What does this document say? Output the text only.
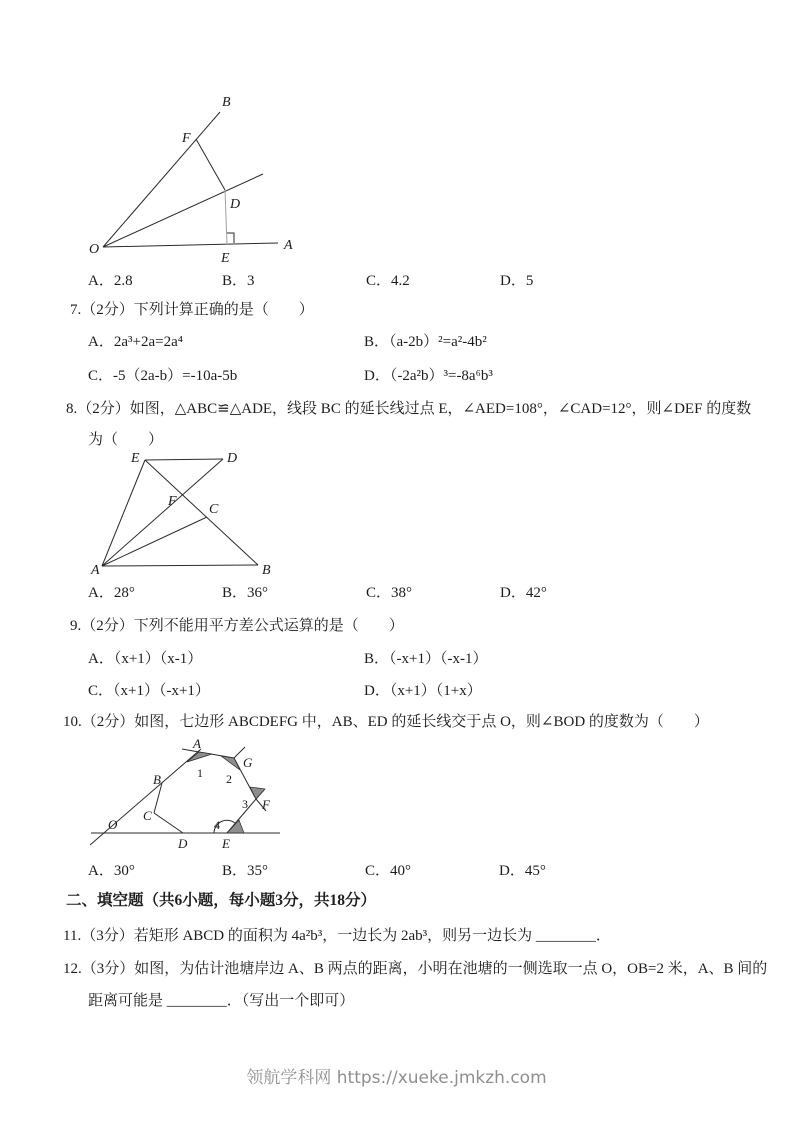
B
F
D
O
E
A
A．2.8	B．3	C．4.2	D．5
7.（2分）下列计算正确的是（　　）
A．2a³+2a=2a⁴	B．（a-2b）²=a²-4b²
C．-5（2a-b）=-10a-5b	D．（-2a²b）³=-8a⁶b³
8.（2分）如图，△ABC≌△ADE，线段 BC 的延长线过点 E，∠AED=108°，∠CAD=12°，则∠DEF 的度数
为（　　）
E	D
F
C
A	B
A．28°	B．36°	C．38°	D．42°
9.（2分）下列不能用平方差公式运算的是（　　）
A．（x+1）（x-1）	B．（-x+1）（-x-1）
C．（x+1）（-x+1）	D．（x+1）（1+x）
10.（2分）如图，七边形 ABCDEFG 中，AB、ED 的延长线交于点 O，则∠BOD 的度数为（　　）
A
G
B
C
O
D	E
F
1 2
3
4
A．30°	B．35°	C．40°	D．45°
二、填空题（共6小题，每小题3分，共18分）
11.（3分）若矩形 ABCD 的面积为 4a²b³，一边长为 2ab³，则另一边长为 ________．
12.（3分）如图，为估计池塘岸边 A、B 两点的距离，小明在池塘的一侧选取一点 O，OB=2 米，A、B 间的
距离可能是 ________．（写出一个即可）
领航学科网 https://xueke.jmkzh.com
